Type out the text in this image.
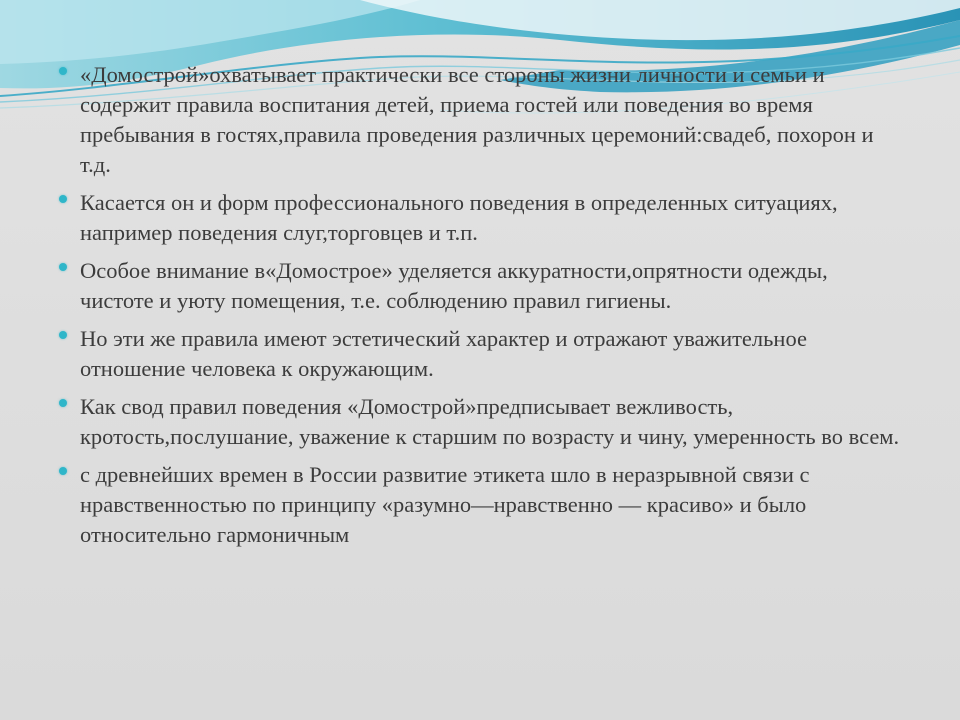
«Домострой»охватывает практически все стороны жизни личности и семьи и содержит правила воспитания детей, приема гостей или поведения во время пребывания в гостях,правила проведения различных церемоний:свадеб, похорон и т.д.
Касается он и форм профессионального поведения в определенных ситуациях, например поведения слуг,торговцев и т.п.
Особое внимание в«Домострое» уделяется аккуратности,опрятности одежды, чистоте и уюту помещения, т.е. соблюдению правил гигиены.
Но эти же правила имеют эстетический характер и отражают уважительное отношение человека к окружающим.
Как свод правил поведения «Домострой»предписывает вежливость, кротость,послушание, уважение к старшим по возрасту и чину, умеренность во всем.
с древнейших времен в России развитие этикета шло в неразрывной связи с нравственностью по принципу «разумно—нравственно — красиво» и было относительно гармоничным
